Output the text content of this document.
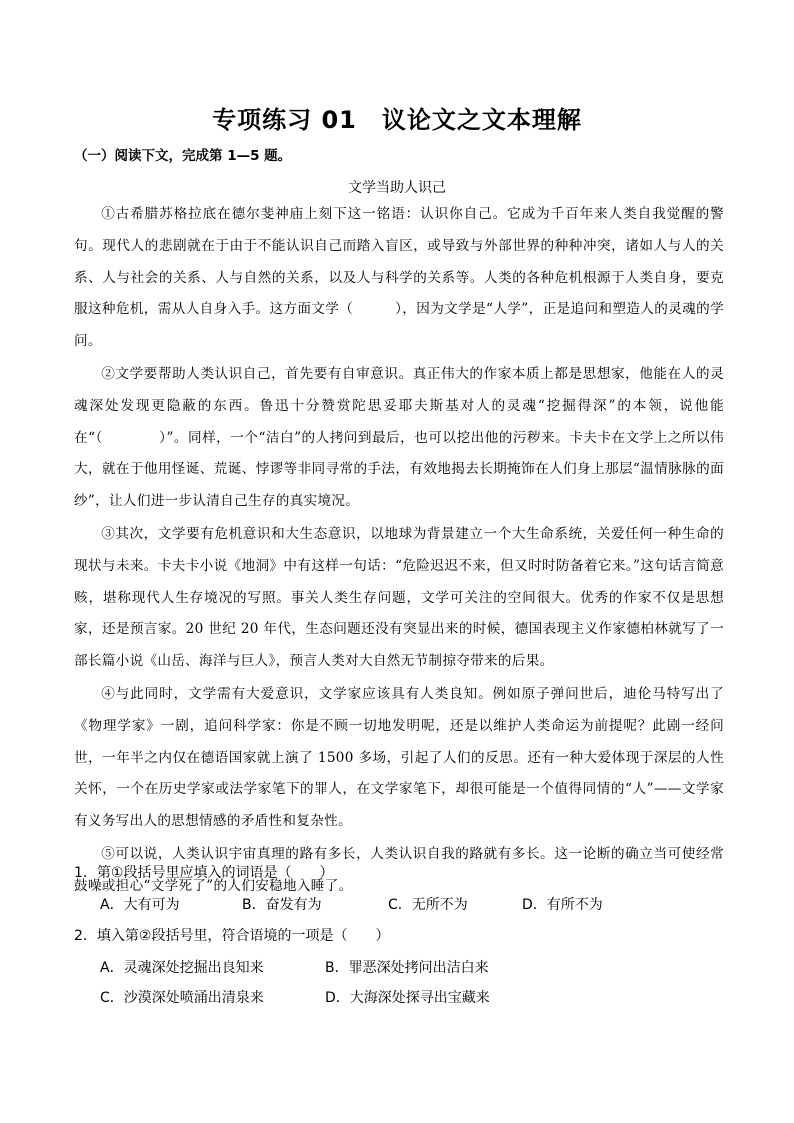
专项练习 01　议论文之文本理解
（一）阅读下文，完成第 1—5 题。
文学当助人识己

①古希腊苏格拉底在德尔斐神庙上刻下这一铭语：认识你自己。它成为千百年来人类自我觉醒的警句。现代人的悲剧就在于由于不能认识自己而踏入盲区，或导致与外部世界的种种冲突，诸如人与人的关系、人与社会的关系、人与自然的关系，以及人与科学的关系等。人类的各种危机根源于人类自身，要克服这种危机，需从人自身入手。这方面文学（　　　），因为文学是“人学”，正是追问和塑造人的灵魂的学问。

②文学要帮助人类认识自己，首先要有自审意识。真正伟大的作家本质上都是思想家，他能在人的灵魂深处发现更隐蔽的东西。鲁迅十分赞赏陀思妥耶夫斯基对人的灵魂“挖掘得深”的本领，说他能在“（　　　　）”。同样，一个“洁白”的人拷问到最后，也可以挖出他的污秽来。卡夫卡在文学上之所以伟大，就在于他用怪诞、荒诞、悖谬等非同寻常的手法，有效地揭去长期掩饰在人们身上那层“温情脉脉的面纱”，让人们进一步认清自己生存的真实境况。

③其次，文学要有危机意识和大生态意识，以地球为背景建立一个大生命系统，关爱任何一种生命的现状与未来。卡夫卡小说《地洞》中有这样一句话：“危险迟迟不来，但又时时防备着它来。”这句话言简意赅，堪称现代人生存境况的写照。事关人类生存问题，文学可关注的空间很大。优秀的作家不仅是思想家，还是预言家。20 世纪 20 年代，生态问题还没有突显出来的时候，德国表现主义作家德柏林就写了一部长篇小说《山岳、海洋与巨人》，预言人类对大自然无节制掠夺带来的后果。

④与此同时，文学需有大爱意识，文学家应该具有人类良知。例如原子弹问世后，迪伦马特写出了《物理学家》一剧，追问科学家：你是不顾一切地发明呢，还是以维护人类命运为前提呢？此剧一经问世，一年半之内仅在德语国家就上演了 1500 多场，引起了人们的反思。还有一种大爱体现于深层的人性关怀，一个在历史学家或法学家笔下的罪人，在文学家笔下，却很可能是一个值得同情的“人”——文学家有义务写出人的思想情感的矛盾性和复杂性。

⑤可以说，人类认识宇宙真理的路有多长，人类认识自我的路就有多长。这一论断的确立当可使经常鼓噪或担心“文学死了”的人们安稳地入睡了。

1．第①段括号里应填入的词语是（　　）
A．大有可为	B．奋发有为	C．无所不为	D．有所不为
2．填入第②段括号里，符合语境的一项是（　　）
A．灵魂深处挖掘出良知来	B．罪恶深处拷问出洁白来
C．沙漠深处喷涌出清泉来	D．大海深处探寻出宝藏来
